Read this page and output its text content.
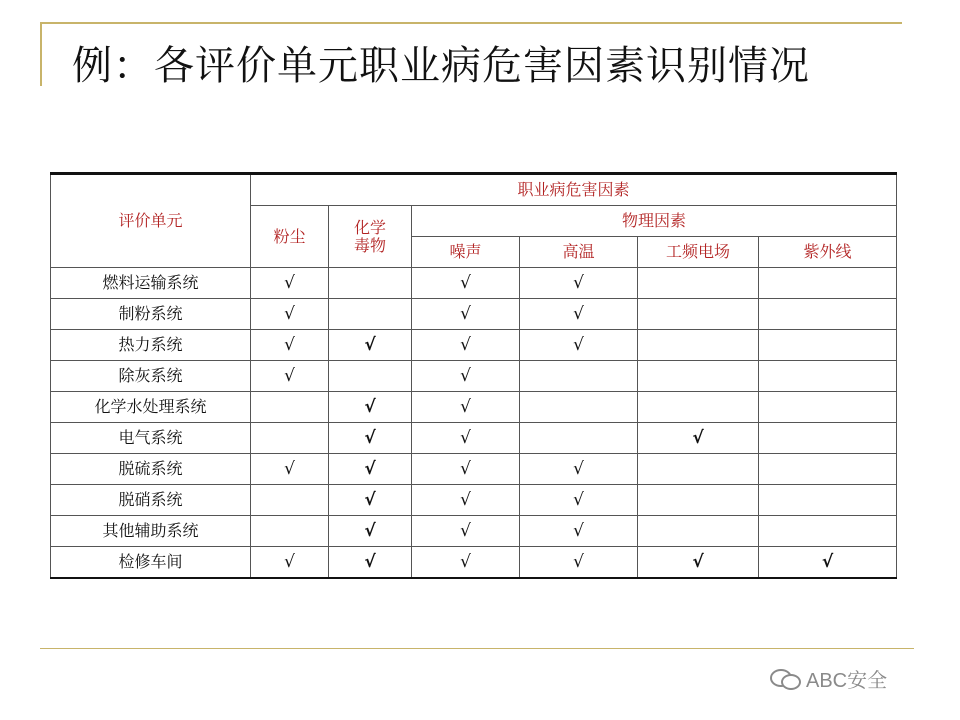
例：各评价单元职业病危害因素识别情况
评价单元	职业病危害因素					
	粉尘	化学毒物	物理因素			
			噪声	高温	工频电场	紫外线
燃料运输系统	√		√	√		
制粉系统	√		√	√		
热力系统	√	√	√	√		
除灰系统	√		√			
化学水处理系统		√	√			
电气系统		√	√		√	
脱硫系统	√	√	√	√		
脱硝系统		√	√	√		
其他辅助系统		√	√	√		
检修车间	√	√	√	√	√	√
ABC安全
